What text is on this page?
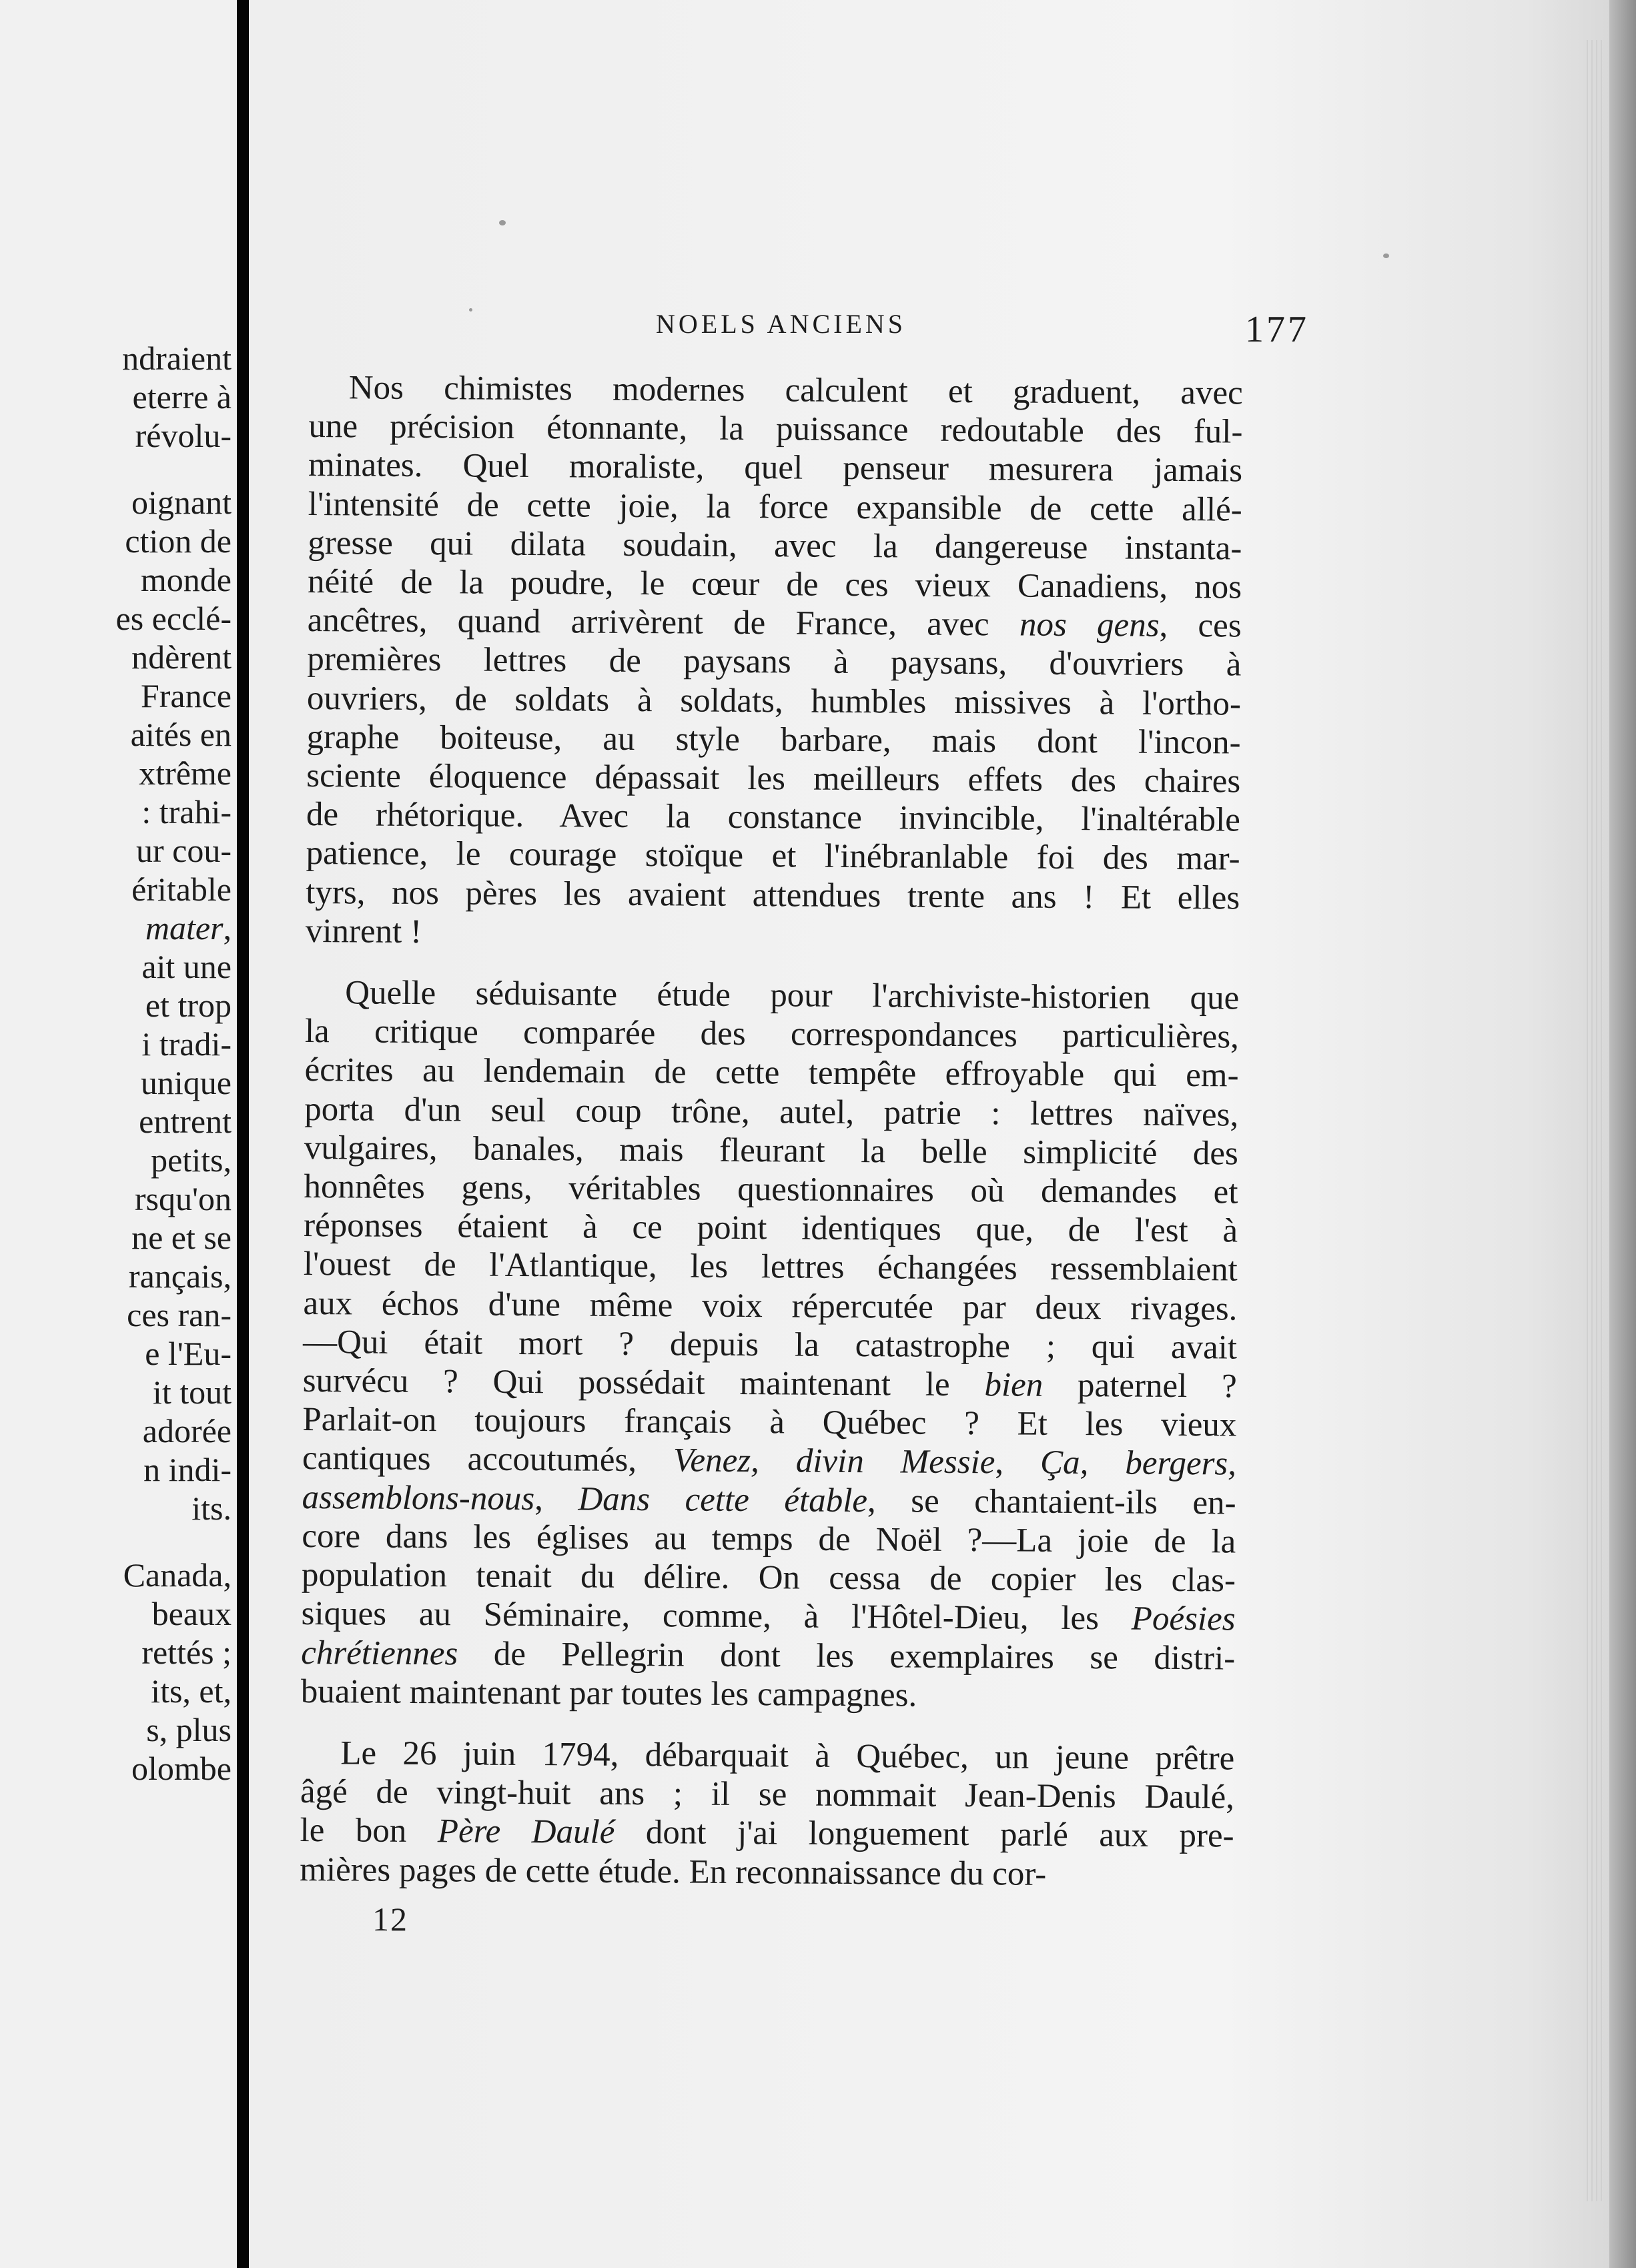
ndraient
eterre à
révolu-
oignant
ction de
monde
es ecclé-
ndèrent
France
aités en
xtrême
: trahi-
ur cou-
éritable
mater,
ait une
et trop
i tradi-
unique
entrent
petits,
rsqu'on
ne et se
rançais,
ces ran-
e l'Eu-
it tout
adorée
n indi-
its.
Canada,
beaux
rettés ;
its, et,
s, plus
olombe
NOELS ANCIENS	177

Nos chimistes modernes calculent et graduent, avec
une précision étonnante, la puissance redoutable des ful-
minates. Quel moraliste, quel penseur mesurera jamais
l'intensité de cette joie, la force expansible de cette allé-
gresse qui dilata soudain, avec la dangereuse instanta-
néité de la poudre, le cœur de ces vieux Canadiens, nos
ancêtres, quand arrivèrent de France, avec nos gens, ces
premières lettres de paysans à paysans, d'ouvriers à
ouvriers, de soldats à soldats, humbles missives à l'ortho-
graphe boiteuse, au style barbare, mais dont l'incon-
sciente éloquence dépassait les meilleurs effets des chaires
de rhétorique. Avec la constance invincible, l'inaltérable
patience, le courage stoïque et l'inébranlable foi des mar-
tyrs, nos pères les avaient attendues trente ans ! Et elles
vinrent !

Quelle séduisante étude pour l'archiviste-historien que
la critique comparée des correspondances particulières,
écrites au lendemain de cette tempête effroyable qui em-
porta d'un seul coup trône, autel, patrie : lettres naïves,
vulgaires, banales, mais fleurant la belle simplicité des
honnêtes gens, véritables questionnaires où demandes et
réponses étaient à ce point identiques que, de l'est à
l'ouest de l'Atlantique, les lettres échangées ressemblaient
aux échos d'une même voix répercutée par deux rivages.
—Qui était mort ? depuis la catastrophe ; qui avait
survécu ? Qui possédait maintenant le bien paternel ?
Parlait-on toujours français à Québec ? Et les vieux
cantiques accoutumés, Venez, divin Messie, Ça, bergers,
assemblons-nous, Dans cette étable, se chantaient-ils en-
core dans les églises au temps de Noël ?—La joie de la
population tenait du délire. On cessa de copier les clas-
siques au Séminaire, comme, à l'Hôtel-Dieu, les Poésies
chrétiennes de Pellegrin dont les exemplaires se distri-
buaient maintenant par toutes les campagnes.

Le 26 juin 1794, débarquait à Québec, un jeune prêtre
âgé de vingt-huit ans ; il se nommait Jean-Denis Daulé,
le bon Père Daulé dont j'ai longuement parlé aux pre-
mières pages de cette étude. En reconnaissance du cor-

12
